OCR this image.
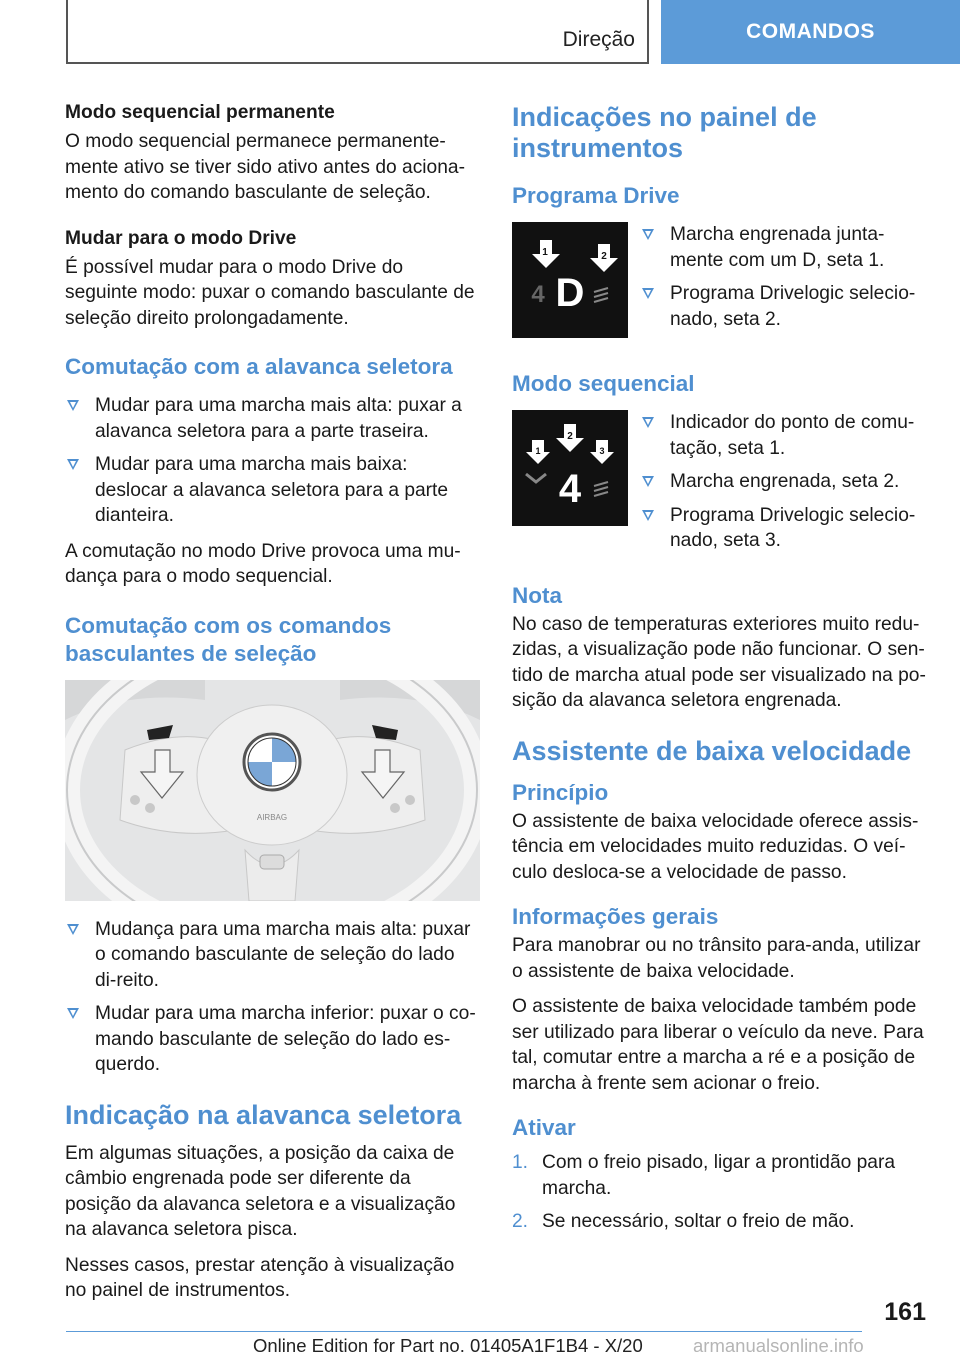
Direção	COMANDOS
Modo sequencial permanente

O modo sequencial permanece permanente-mente ativo se tiver sido ativo antes do aciona-mento do comando basculante de seleção.

Mudar para o modo Drive

É possível mudar para o modo Drive do seguinte modo: puxar o comando basculante de seleção direito prolongadamente.

Comutação com a alavanca seletora
Mudar para uma marcha mais alta: puxar a alavanca seletora para a parte traseira.
Mudar para uma marcha mais baixa: deslocar a alavanca seletora para a parte dianteira.

A comutação no modo Drive provoca uma mu-dança para o modo sequencial.

Comutação com os comandos basculantes de seleção
AIRBAG
Mudança para uma marcha mais alta: puxar o comando basculante de seleção do lado di-reito.
Mudar para uma marcha inferior: puxar o co-mando basculante de seleção do lado es-querdo.
Indicação na alavanca seletora

Em algumas situações, a posição da caixa de câmbio engrenada pode ser diferente da posição da alavanca seletora e a visualização na alavanca seletora pisca.

Nesses casos, prestar atenção à visualização no painel de instrumentos.

Indicações no painel de instrumentos
Programa Drive
1	2
4 D
Marcha engrenada junta-mente com um D, seta 1.
Programa Drivelogic selecio-nado, seta 2.
Modo sequencial
1
2
3
4
Indicador do ponto de comu-tação, seta 1.
Marcha engrenada, seta 2.
Programa Drivelogic selecio-nado, seta 3.
Nota

No caso de temperaturas exteriores muito redu-zidas, a visualização pode não funcionar. O sen-tido de marcha atual pode ser visualizado na po-sição da alavanca seletora engrenada.

Assistente de baixa velocidade
Princípio

O assistente de baixa velocidade oferece assis-tência em velocidades muito reduzidas. O veí-culo desloca-se a velocidade de passo.

Informações gerais

Para manobrar ou no trânsito para-anda, utilizar o assistente de baixa velocidade.

O assistente de baixa velocidade também pode ser utilizado para liberar o veículo da neve. Para tal, comutar entre a marcha a ré e a posição de marcha à frente sem acionar o freio.

Ativar
1. Com o freio pisado, ligar a prontidão para marcha.
2. Se necessário, soltar o freio de mão.
161
Online Edition for Part no. 01405A1F1B4 - X/20	armanualsonline.info
